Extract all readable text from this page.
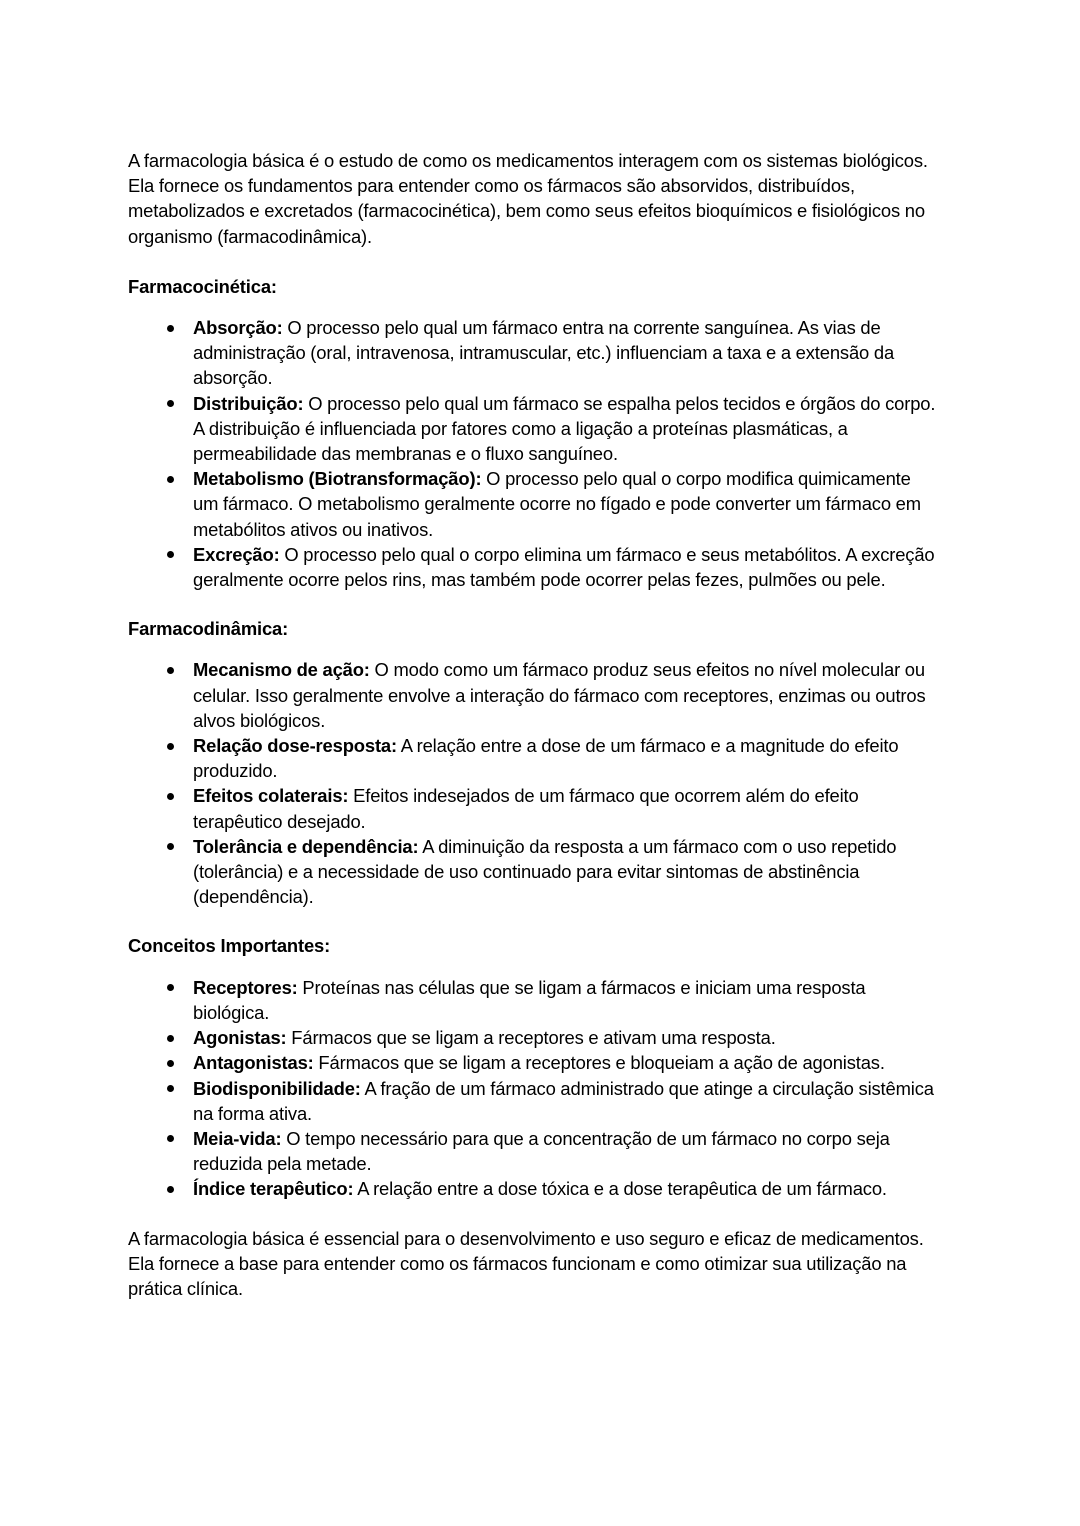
A farmacologia básica é o estudo de como os medicamentos interagem com os sistemas biológicos. Ela fornece os fundamentos para entender como os fármacos são absorvidos, distribuídos, metabolizados e excretados (farmacocinética), bem como seus efeitos bioquímicos e fisiológicos no organismo (farmacodinâmica).

Farmacocinética:
Absorção: O processo pelo qual um fármaco entra na corrente sanguínea. As vias de administração (oral, intravenosa, intramuscular, etc.) influenciam a taxa e a extensão da absorção.
Distribuição: O processo pelo qual um fármaco se espalha pelos tecidos e órgãos do corpo. A distribuição é influenciada por fatores como a ligação a proteínas plasmáticas, a permeabilidade das membranas e o fluxo sanguíneo.
Metabolismo (Biotransformação): O processo pelo qual o corpo modifica quimicamente um fármaco. O metabolismo geralmente ocorre no fígado e pode converter um fármaco em metabólitos ativos ou inativos.
Excreção: O processo pelo qual o corpo elimina um fármaco e seus metabólitos. A excreção geralmente ocorre pelos rins, mas também pode ocorrer pelas fezes, pulmões ou pele.
Farmacodinâmica:
Mecanismo de ação: O modo como um fármaco produz seus efeitos no nível molecular ou celular. Isso geralmente envolve a interação do fármaco com receptores, enzimas ou outros alvos biológicos.
Relação dose-resposta: A relação entre a dose de um fármaco e a magnitude do efeito produzido.
Efeitos colaterais: Efeitos indesejados de um fármaco que ocorrem além do efeito terapêutico desejado.
Tolerância e dependência: A diminuição da resposta a um fármaco com o uso repetido (tolerância) e a necessidade de uso continuado para evitar sintomas de abstinência (dependência).
Conceitos Importantes:
Receptores: Proteínas nas células que se ligam a fármacos e iniciam uma resposta biológica.
Agonistas: Fármacos que se ligam a receptores e ativam uma resposta.
Antagonistas: Fármacos que se ligam a receptores e bloqueiam a ação de agonistas.
Biodisponibilidade: A fração de um fármaco administrado que atinge a circulação sistêmica na forma ativa.
Meia-vida: O tempo necessário para que a concentração de um fármaco no corpo seja reduzida pela metade.
Índice terapêutico: A relação entre a dose tóxica e a dose terapêutica de um fármaco.

A farmacologia básica é essencial para o desenvolvimento e uso seguro e eficaz de medicamentos. Ela fornece a base para entender como os fármacos funcionam e como otimizar sua utilização na prática clínica.
